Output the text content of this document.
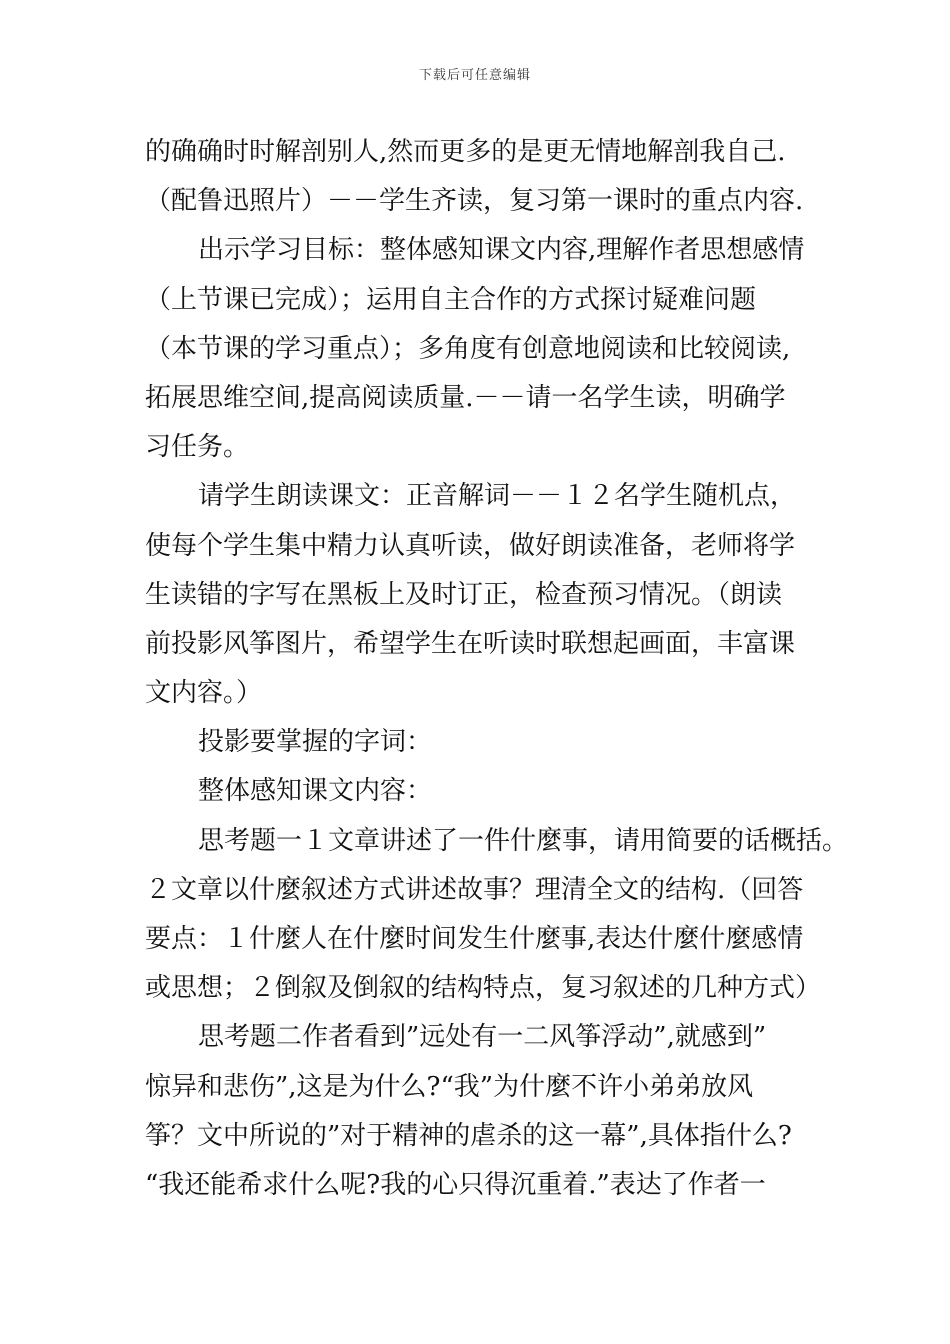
下载后可任意编辑
的确确时时解剖别人,然而更多的是更无情地解剖我自己.
（配鲁迅照片）－－学生齐读，复习第一课时的重点内容.
出示学习目标：整体感知课文内容,理解作者思想感情
（上节课已完成）；运用自主合作的方式探讨疑难问题
（本节课的学习重点）；多角度有创意地阅读和比较阅读,
拓展思维空间,提高阅读质量.－－请一名学生读，明确学
习任务。
请学生朗读课文：正音解词－－１２名学生随机点，
使每个学生集中精力认真听读，做好朗读准备，老师将学
生读错的字写在黑板上及时订正，检查预习情况。（朗读
前投影风筝图片，希望学生在听读时联想起画面，丰富课
文内容。）
投影要掌握的字词：
整体感知课文内容：
思考题一１文章讲述了一件什麼事，请用简要的话概括。
２文章以什麼叙述方式讲述故事？理清全文的结构.（回答
要点：１什麼人在什麼时间发生什麼事,表达什麼什麼感情
或思想；２倒叙及倒叙的结构特点，复习叙述的几种方式）
思考题二作者看到”远处有一二风筝浮动”,就感到”
惊异和悲伤”,这是为什么?“我”为什麼不许小弟弟放风
筝？文中所说的”对于精神的虐杀的这一幕”,具体指什么?
“我还能希求什么呢?我的心只得沉重着.”表达了作者一
